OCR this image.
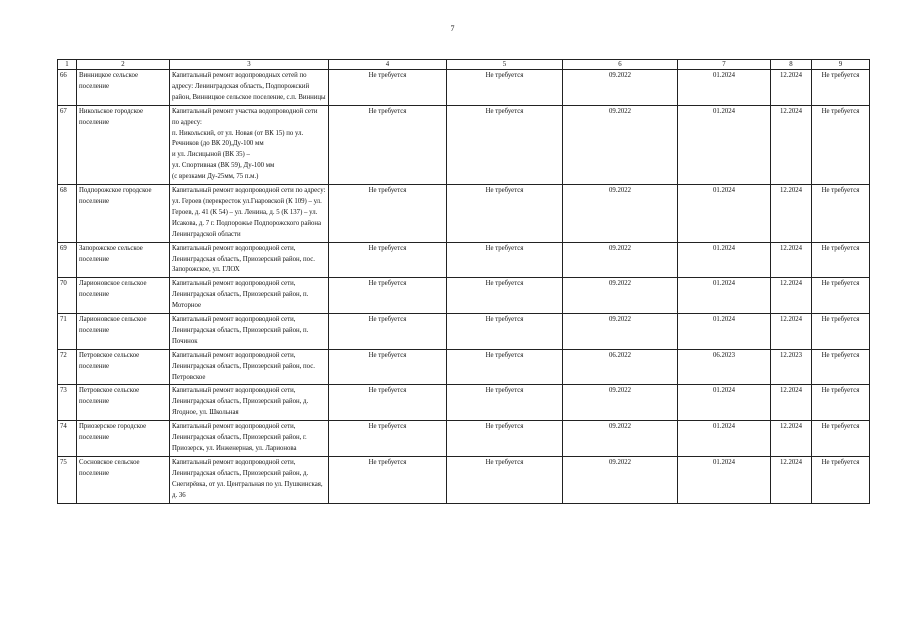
7
1	2	3	4	5	6	7	8	9
66	Винницкое сельское поселение	Капитальный ремонт водопроводных сетей по адресу: Ленинградская область, Подпорожский район, Винницкое сельское поселение, с.п. Винницы	Не требуется	Не требуется	09.2022	01.2024	12.2024	Не требуется
67	Никольское городское поселение	Капитальный ремонт участка водопроводной сети по адресу:
п. Никольский, от ул. Новая (от ВК 15) по ул. Речников (до ВК 20),Ду-100 мм
и ул. Лисицыной (ВК 35) –
ул. Спортивная (ВК 59), Ду-100 мм
(с врезками Ду-25мм, 75 п.м.)	Не требуется	Не требуется	09.2022	01.2024	12.2024	Не требуется
68	Подпорожское городское поселение	Капитальный ремонт водопроводной сети по адресу: ул. Героев (перекресток ул.Гнаровской (К 109) – ул. Героев, д. 41 (К 54) – ул. Ленина, д. 5 (К 137) – ул. Исакова, д. 7 г. Подпорожье Подпорожского района Ленинградской области	Не требуется	Не требуется	09.2022	01.2024	12.2024	Не требуется
69	Запорожское сельское поселение	Капитальный ремонт водопроводной сети, Ленинградская область, Приозерский район, пос. Запорожское, ул. ГЛОХ	Не требуется	Не требуется	09.2022	01.2024	12.2024	Не требуется
70	Ларионовское сельское поселение	Капитальный ремонт водопроводной сети, Ленинградская область, Приозерский район, п. Моторное	Не требуется	Не требуется	09.2022	01.2024	12.2024	Не требуется
71	Ларионовское сельское поселение	Капитальный ремонт водопроводной сети, Ленинградская область, Приозерский район, п. Починок	Не требуется	Не требуется	09.2022	01.2024	12.2024	Не требуется
72	Петровское сельское поселение	Капитальный ремонт водопроводной сети, Ленинградская область, Приозерский район, пос. Петровское	Не требуется	Не требуется	06.2022	06.2023	12.2023	Не требуется
73	Петровское сельское поселение	Капитальный ремонт водопроводной сети, Ленинградская область, Приозерский район, д. Ягодное, ул. Школьная	Не требуется	Не требуется	09.2022	01.2024	12.2024	Не требуется
74	Приозерское городское поселение	Капитальный ремонт водопроводной сети, Ленинградская область, Приозерский район, г. Приозерск, ул. Инженерная, ул. Ларионова	Не требуется	Не требуется	09.2022	01.2024	12.2024	Не требуется
75	Сосновское сельское поселение	Капитальный ремонт водопроводной сети, Ленинградская область, Приозерский район, д. Снегирёвка, от ул. Центральная по ул. Пушкинская, д. 36	Не требуется	Не требуется	09.2022	01.2024	12.2024	Не требуется
